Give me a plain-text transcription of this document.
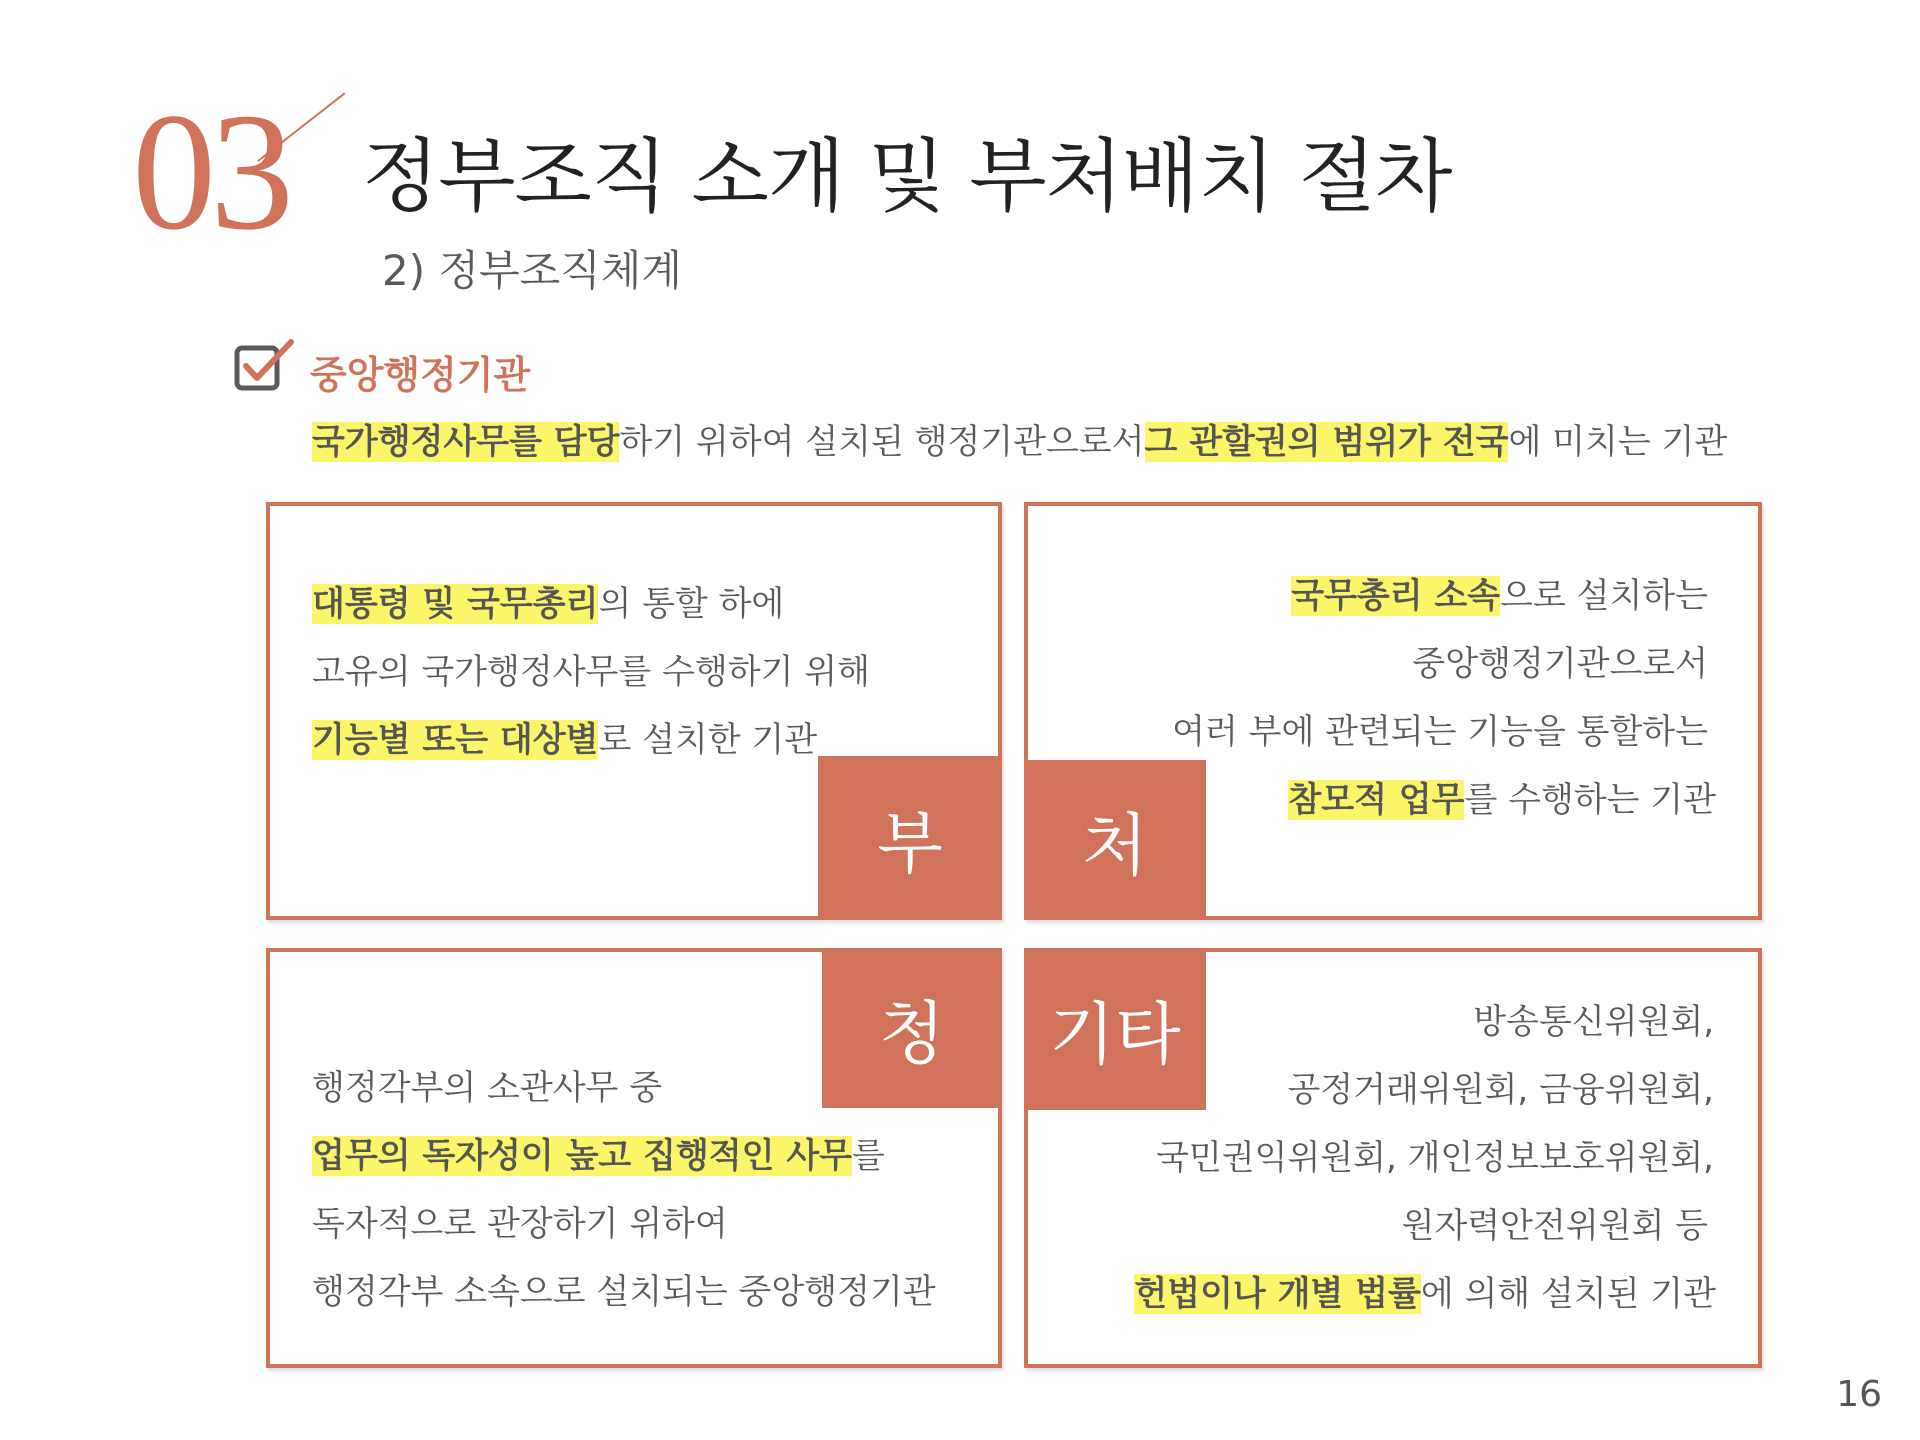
03 정부조직 소개 및 부처배치 절차
2) 정부조직체계
중앙행정기관
국가행정사무를 담당하기 위하여 설치된 행정기관으로서그 관할권의 범위가 전국에 미치는 기관
대통령 및 국무총리의 통할 하에
고유의 국가행정사무를 수행하기 위해
기능별 또는 대상별로 설치한 기관
부
국무총리 소속으로 설치하는
중앙행정기관으로서
여러 부에 관련되는 기능을 통할하는
참모적 업무를 수행하는 기관
처
행정각부의 소관사무 중
업무의 독자성이 높고 집행적인 사무를
독자적으로 관장하기 위하여
행정각부 소속으로 설치되는 중앙행정기관
청	방송통신위원회,
공정거래위원회, 금융위원회,
국민권익위원회, 개인정보보호위원회,
원자력안전위원회 등
헌법이나 개별 법률에 의해 설치된 기관
기타
16
